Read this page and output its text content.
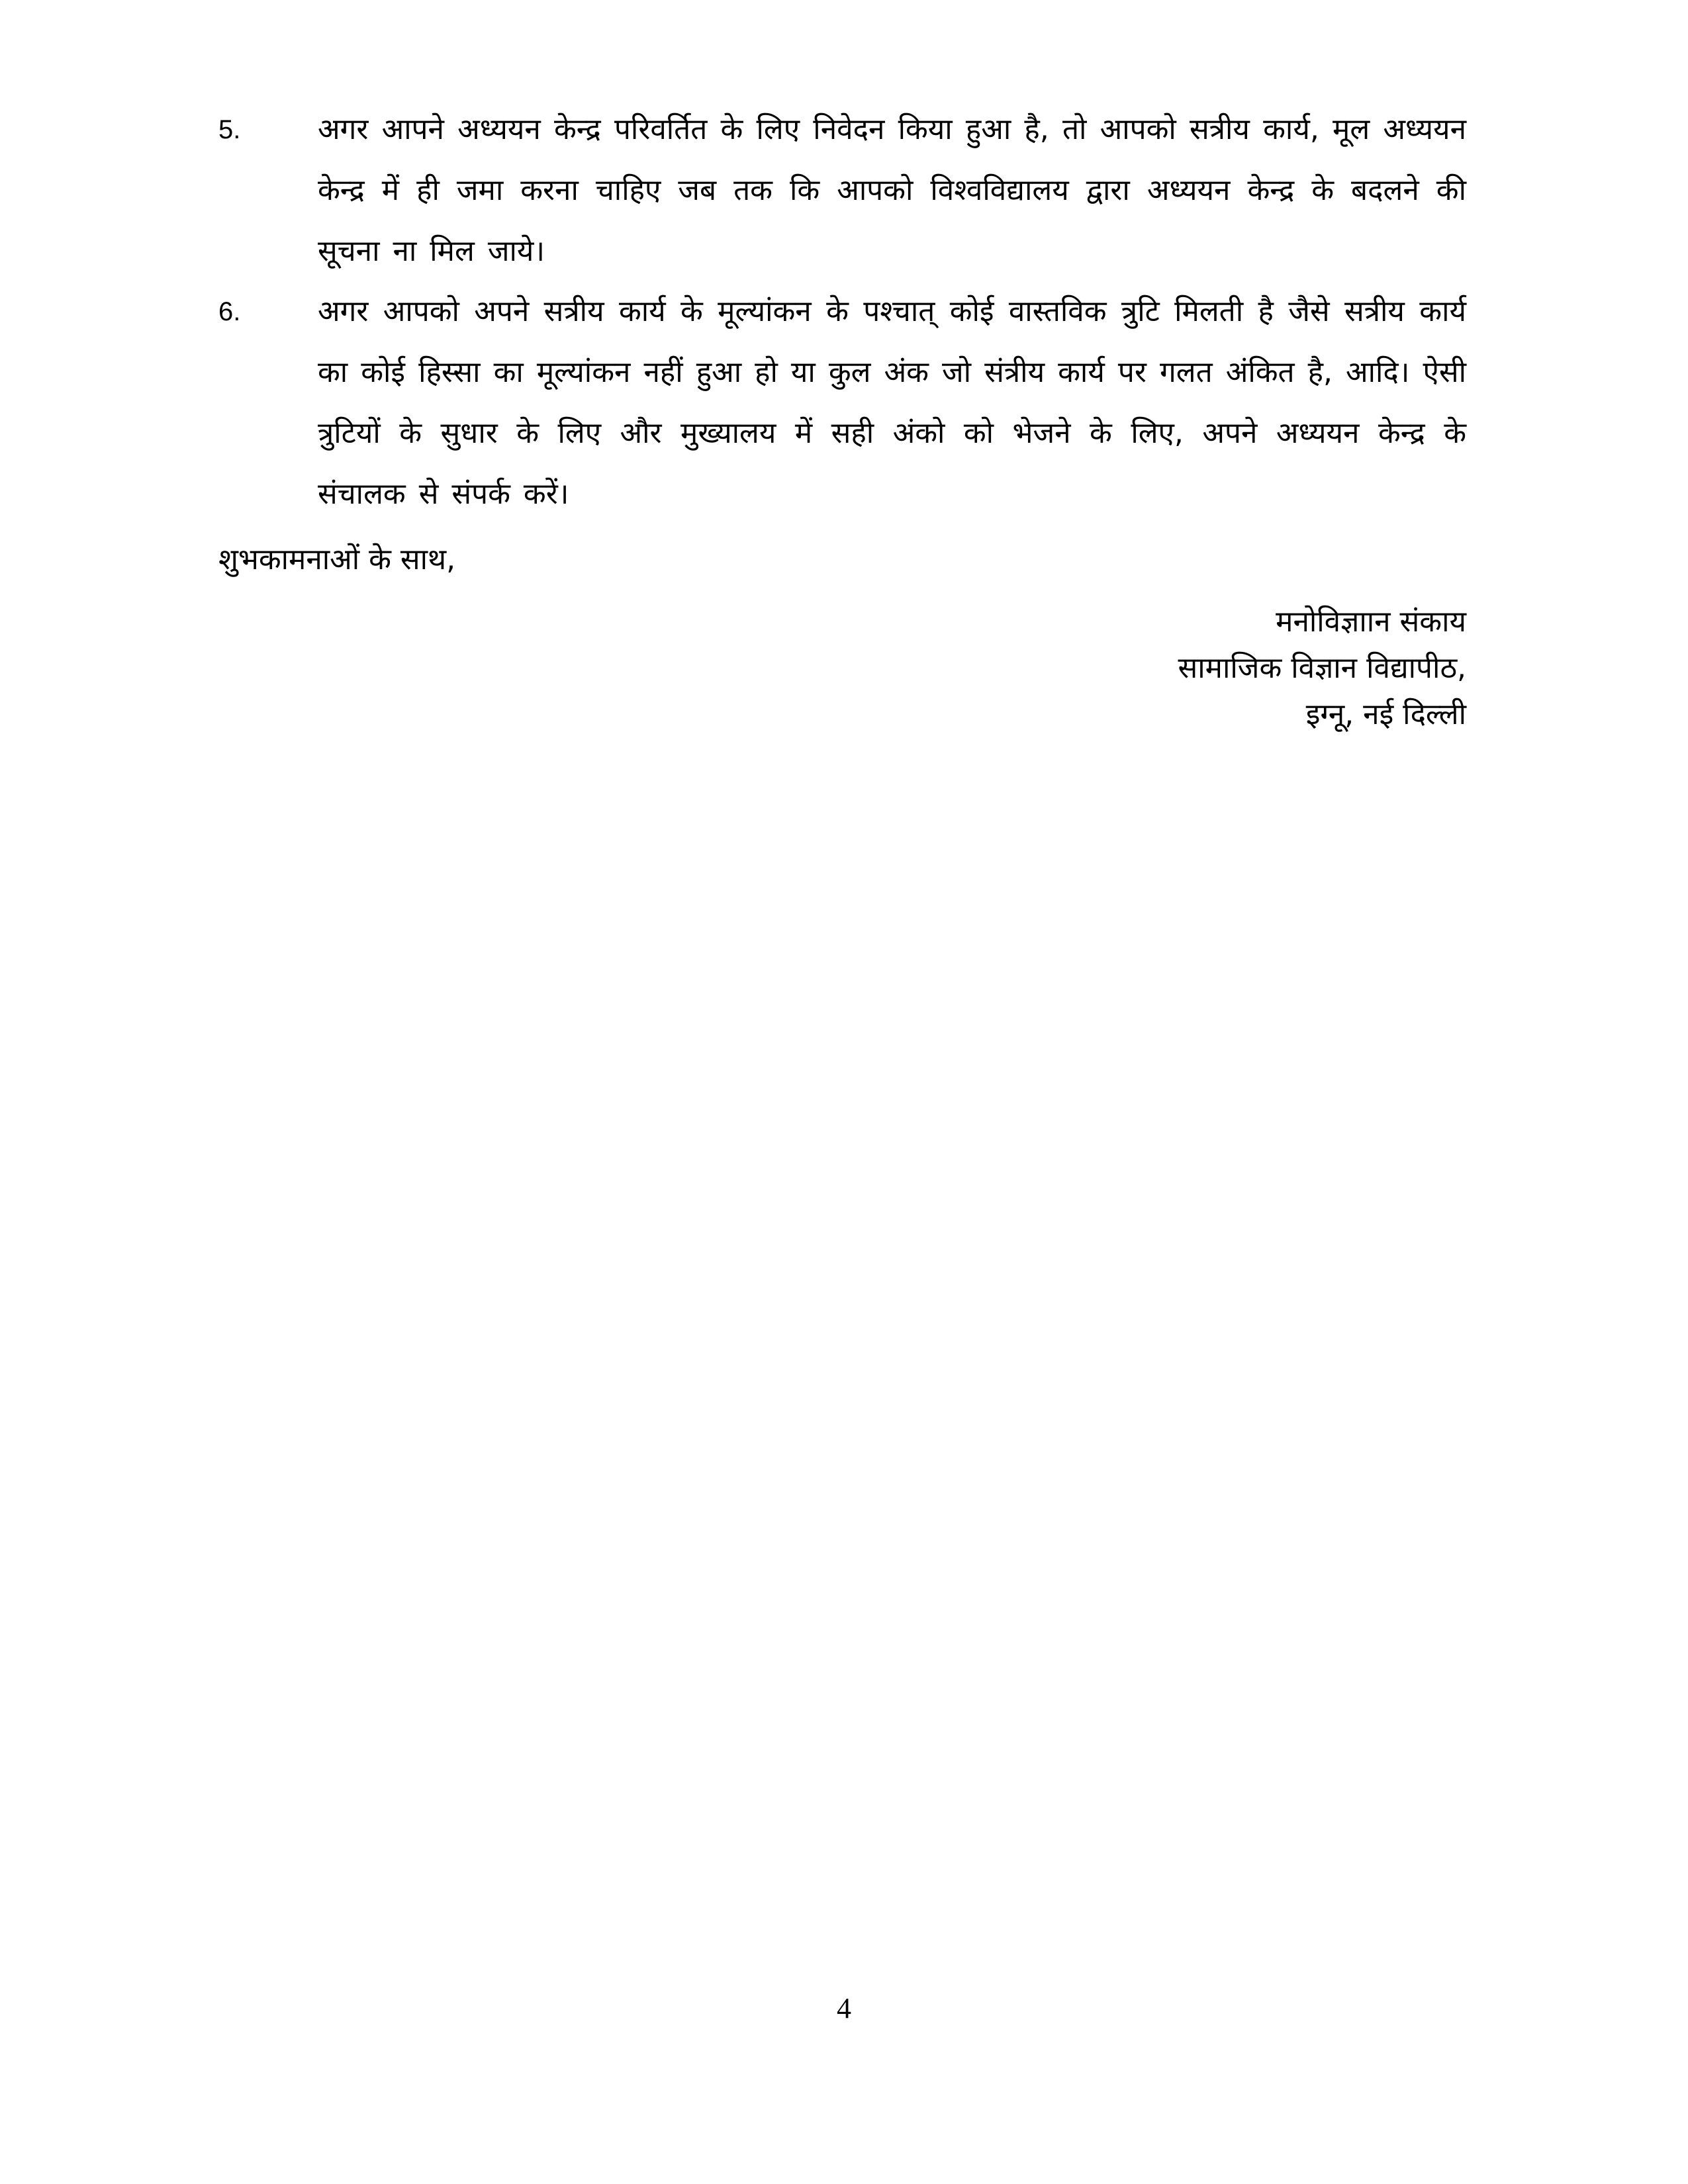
5.	अगर आपने अध्ययन केन्द्र परिवर्तित के लिए निवेदन किया हुआ है, तो आपको सत्रीय कार्य, मूल अध्ययन केन्द्र में ही जमा करना चाहिए जब तक कि आपको विश्वविद्यालय द्वारा अध्ययन केन्द्र के बदलने की सूचना ना मिल जाये।
6.	अगर आपको अपने सत्रीय कार्य के मूल्यांकन के पश्चात् कोई वास्तविक त्रुटि मिलती है जैसे सत्रीय कार्य का कोई हिस्सा का मूल्यांकन नहीं हुआ हो या कुल अंक जो संत्रीय कार्य पर गलत अंकित है, आदि। ऐसी त्रुटियों के सुधार के लिए और मुख्यालय में सही अंको को भेजने के लिए, अपने अध्ययन केन्द्र के संचालक से संपर्क करें।
शुभकामनाओं के साथ,
मनोविज्ञाान संकाय
सामाजिक विज्ञान विद्यापीठ,
इग्नू, नई दिल्ली
4
